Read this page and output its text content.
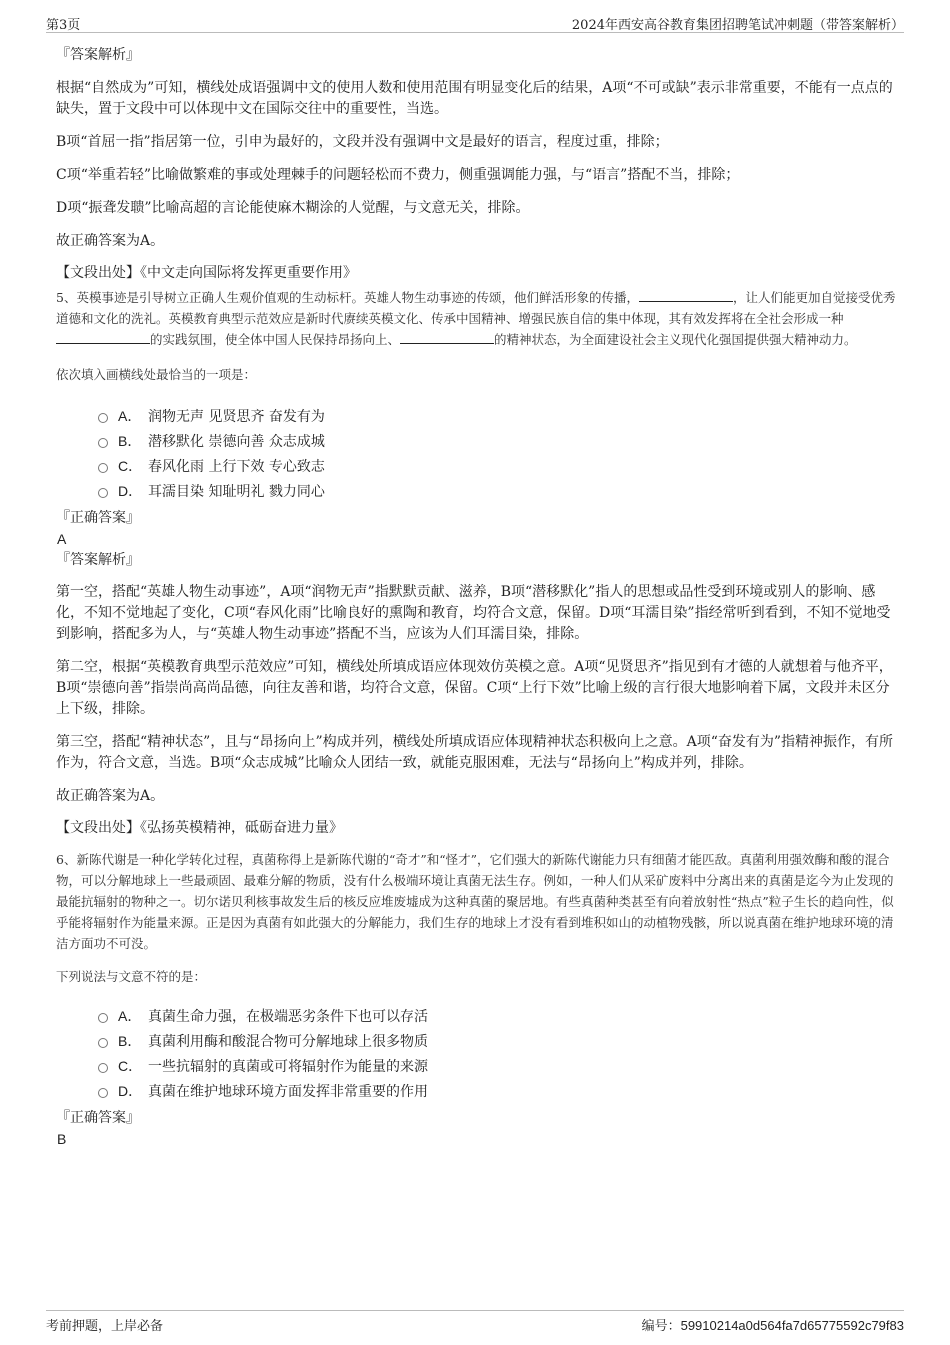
第3页	2024年西安高谷教育集团招聘笔试冲刺题（带答案解析）

『答案解析』

根据“自然成为”可知，横线处成语强调中文的使用人数和使用范围有明显变化后的结果，A项“不可或缺”表示非常重要，不能有一点点的缺失，置于文段中可以体现中文在国际交往中的重要性，当选。

B项“首屈一指”指居第一位，引申为最好的，文段并没有强调中文是最好的语言，程度过重，排除；

C项“举重若轻”比喻做繁难的事或处理棘手的问题轻松而不费力，侧重强调能力强，与“语言”搭配不当，排除；

D项“振聋发聩”比喻高超的言论能使麻木糊涂的人觉醒，与文意无关，排除。

故正确答案为A。

【文段出处】《中文走向国际将发挥更重要作用》

5、英模事迹是引导树立正确人生观价值观的生动标杆。英雄人物生动事迹的传颂，他们鲜活形象的传播，	，让人们能更加自觉接受优秀道德和文化的洗礼。英模教育典型示范效应是新时代赓续英模文化、传承中国精神、增强民族自信的集中体现，其有效发挥将在全社会形成一种的实践氛围，使全体中国人民保持昂扬向上、	的精神状态，为全面建设社会主义现代化强国提供强大精神动力。

依次填入画横线处最恰当的一项是：

A． 润物无声 见贤思齐 奋发有为
B． 潜移默化 崇德向善 众志成城
C． 春风化雨 上行下效 专心致志
D． 耳濡目染 知耻明礼 戮力同心

『正确答案』

A

『答案解析』

第一空，搭配“英雄人物生动事迹”，A项“润物无声”指默默贡献、滋养，B项“潜移默化”指人的思想或品性受到环境或别人的影响、感化，不知不觉地起了变化，C项“春风化雨”比喻良好的熏陶和教育，均符合文意，保留。D项“耳濡目染”指经常听到看到，不知不觉地受到影响，搭配多为人，与“英雄人物生动事迹”搭配不当，应该为人们耳濡目染，排除。

第二空，根据“英模教育典型示范效应”可知，横线处所填成语应体现效仿英模之意。A项“见贤思齐”指见到有才德的人就想着与他齐平，B项“崇德向善”指崇尚高尚品德，向往友善和谐，均符合文意，保留。C项“上行下效”比喻上级的言行很大地影响着下属，文段并未区分上下级，排除。

第三空，搭配“精神状态”，且与“昂扬向上”构成并列，横线处所填成语应体现精神状态积极向上之意。A项“奋发有为”指精神振作，有所作为，符合文意，当选。B项“众志成城”比喻众人团结一致，就能克服困难，无法与“昂扬向上”构成并列，排除。

故正确答案为A。

【文段出处】《弘扬英模精神，砥砺奋进力量》

6、新陈代谢是一种化学转化过程，真菌称得上是新陈代谢的“奇才”和“怪才”，它们强大的新陈代谢能力只有细菌才能匹敌。真菌利用强效酶和酸的混合物，可以分解地球上一些最顽固、最难分解的物质，没有什么极端环境让真菌无法生存。例如，一种人们从采矿废料中分离出来的真菌是迄今为止发现的最能抗辐射的物种之一。切尔诺贝利核事故发生后的核反应堆废墟成为这种真菌的聚居地。有些真菌种类甚至有向着放射性“热点”粒子生长的趋向性，似乎能将辐射作为能量来源。正是因为真菌有如此强大的分解能力，我们生存的地球上才没有看到堆积如山的动植物残骸，所以说真菌在维护地球环境的清洁方面功不可没。

下列说法与文意不符的是：

A． 真菌生命力强，在极端恶劣条件下也可以存活
B． 真菌利用酶和酸混合物可分解地球上很多物质
C． 一些抗辐射的真菌或可将辐射作为能量的来源
D． 真菌在维护地球环境方面发挥非常重要的作用

『正确答案』

B

考前押题，上岸必备	编号：59910214a0d564fa7d65775592c79f83
